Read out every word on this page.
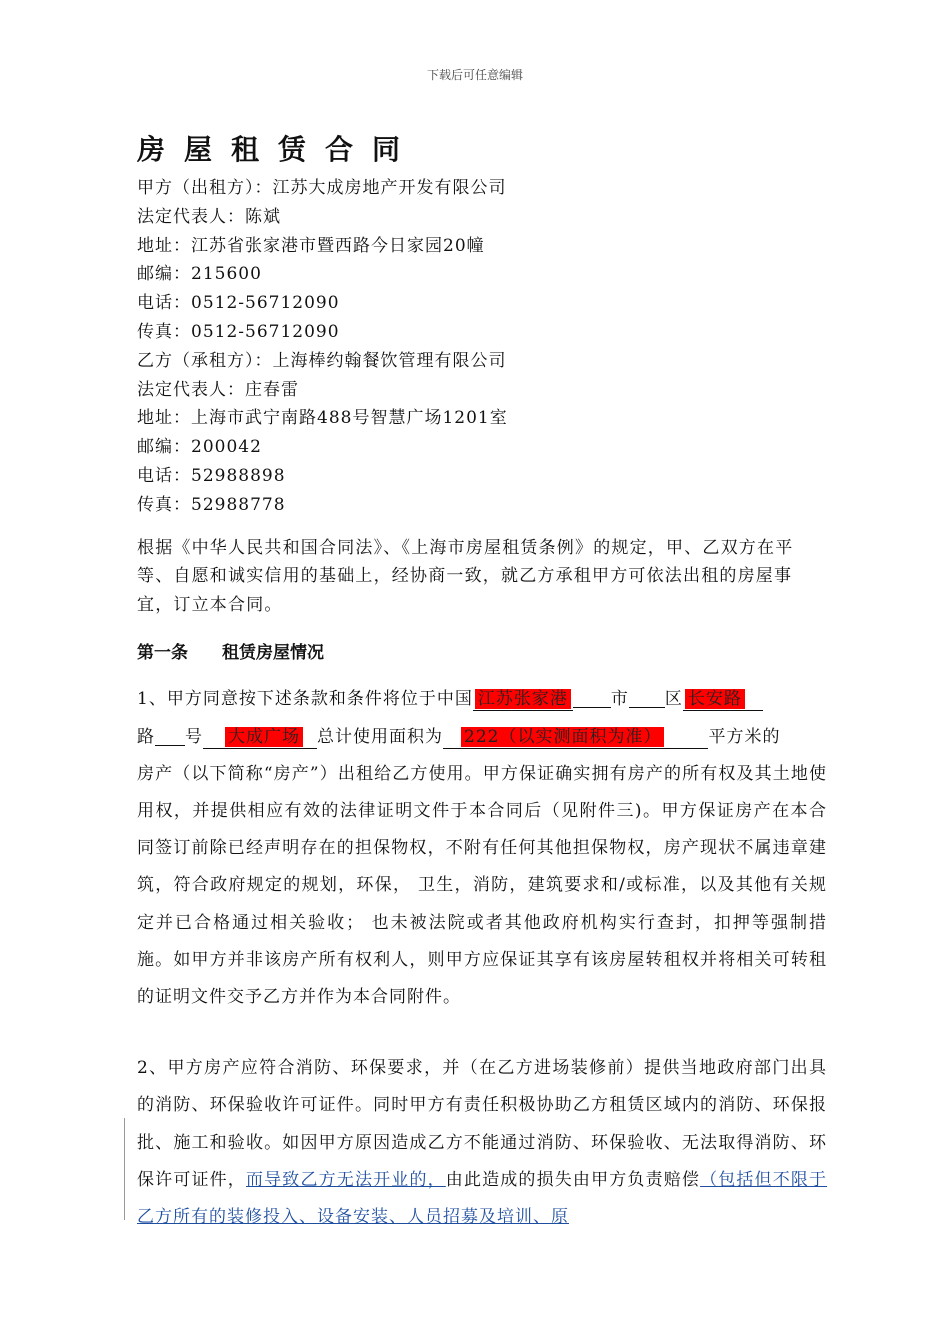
下载后可任意编辑
房屋租赁合同
甲方（出租方）：江苏大成房地产开发有限公司
法定代表人：陈斌
地址：江苏省张家港市暨西路今日家园20幢
邮编：215600
电话：0512-56712090
传真：0512-56712090
乙方（承租方）：上海棒约翰餐饮管理有限公司
法定代表人：庄春雷
地址：上海市武宁南路488号智慧广场1201室
邮编：200042
电话：52988898
传真：52988778
根据《中华人民共和国合同法》、《上海市房屋租赁条例》的规定，甲、乙双方在平等、自愿和诚实信用的基础上，经协商一致，就乙方承租甲方可依法出租的房屋事宜，订立本合同。
第一条 租赁房屋情况
1、甲方同意按下述条款和条件将位于中国 江苏张家港	市 区 长安路
路 号 大成广场 总计使用面积为 222（以实测面积为准）	平方米的
房产（以下简称“房产”）出租给乙方使用。甲方保证确实拥有房产的所有权及其土地使用权，并提供相应有效的法律证明文件于本合同后（见附件三)。甲方保证房产在本合同签订前除已经声明存在的担保物权，不附有任何其他担保物权，房产现状不属违章建筑，符合政府规定的规划，环保， 卫生，消防，建筑要求和/或标准，以及其他有关规定并已合格通过相关验收； 也未被法院或者其他政府机构实行查封，扣押等强制措施。如甲方并非该房产所有权利人，则甲方应保证其享有该房屋转租权并将相关可转租的证明文件交予乙方并作为本合同附件。
2、甲方房产应符合消防、环保要求，并（在乙方进场装修前）提供当地政府部门出具的消防、环保验收许可证件。同时甲方有责任积极协助乙方租赁区域内的消防、环保报批、施工和验收。如因甲方原因造成乙方不能通过消防、环保验收、无法取得消防、环保许可证件，而导致乙方无法开业的，由此造成的损失由甲方负责赔偿（包括但不限于乙方所有的装修投入、设备安装、人员招募及培训、原
